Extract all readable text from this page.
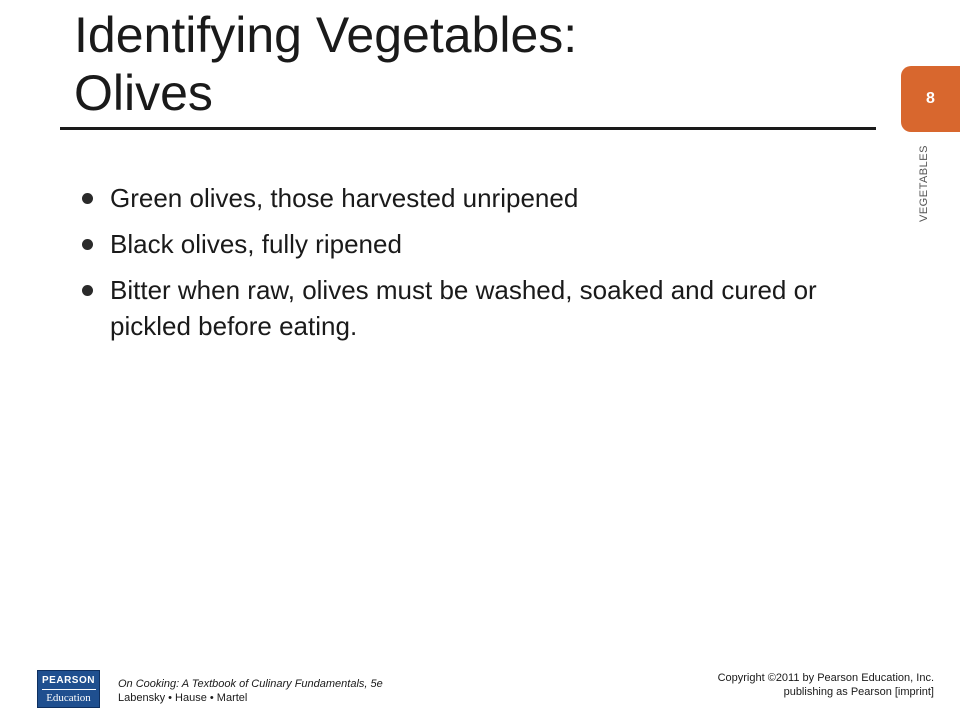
Identifying Vegetables:
Olives	8
VEGETABLES
Green olives, those harvested unripened
Black olives, fully ripened
Bitter when raw, olives must be washed, soaked and cured or pickled before eating.
PEARSON
Education
On Cooking: A Textbook of Culinary Fundamentals, 5e
Labensky • Hause • Martel
Copyright ©2011 by Pearson Education, Inc.
publishing as Pearson [imprint]
